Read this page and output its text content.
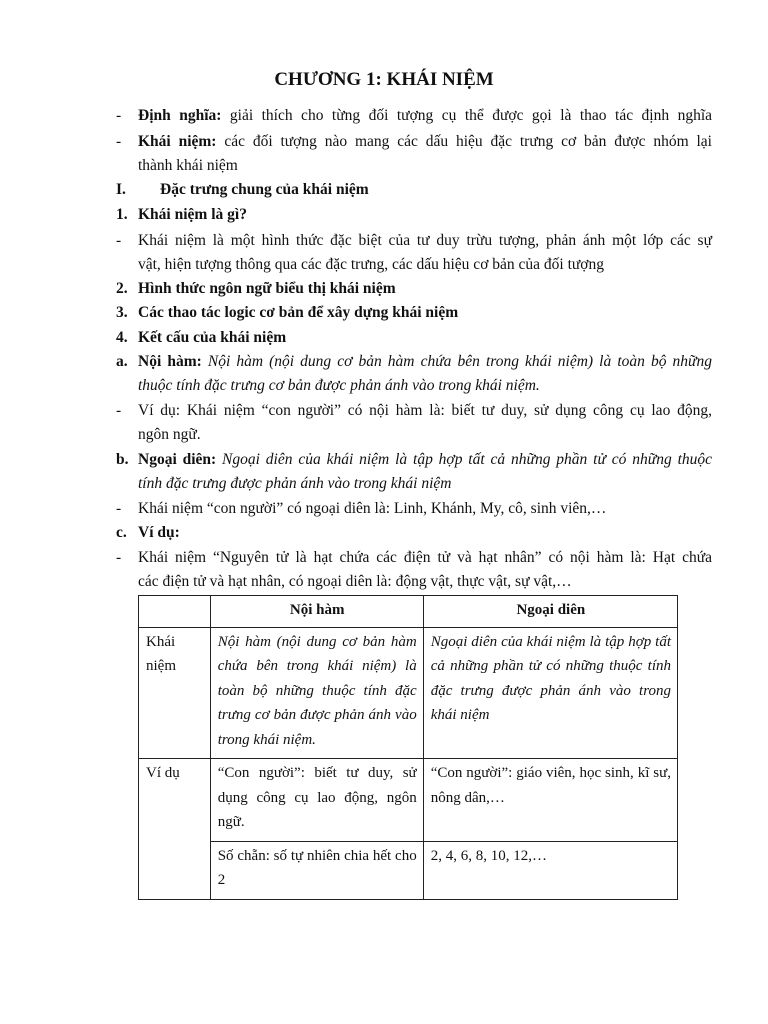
CHƯƠNG 1: KHÁI NIỆM
- Định nghĩa: giải thích cho từng đối tượng cụ thể được gọi là thao tác định nghĩa
- Khái niệm: các đối tượng nào mang các dấu hiệu đặc trưng cơ bản được nhóm lại
thành khái niệm
I. Đặc trưng chung của khái niệm
1. Khái niệm là gì?
- Khái niệm là một hình thức đặc biệt của tư duy trừu tượng, phản ánh một lớp các sự
vật, hiện tượng thông qua các đặc trưng, các dấu hiệu cơ bản của đối tượng
2. Hình thức ngôn ngữ biểu thị khái niệm
3. Các thao tác logic cơ bản để xây dựng khái niệm
4. Kết cấu của khái niệm
a. Nội hàm: Nội hàm (nội dung cơ bản hàm chứa bên trong khái niệm) là toàn bộ những
thuộc tính đặc trưng cơ bản được phản ánh vào trong khái niệm.
- Ví dụ: Khái niệm “con người” có nội hàm là: biết tư duy, sử dụng công cụ lao động,
ngôn ngữ.
b. Ngoại diên: Ngoại diên của khái niệm là tập hợp tất cả những phần tử có những thuộc
tính đặc trưng được phản ánh vào trong khái niệm
- Khái niệm “con người” có ngoại diên là: Linh, Khánh, My, cô, sinh viên,…
c. Ví dụ:
- Khái niệm “Nguyên tử là hạt chứa các điện tử và hạt nhân” có nội hàm là: Hạt chứa
các điện tử và hạt nhân, có ngoại diên là: động vật, thực vật, sự vật,…
	Nội hàm	Ngoại diên
Khái niệm	Nội hàm (nội dung cơ bản hàm chứa bên trong khái niệm) là toàn bộ những thuộc tính đặc trưng cơ bản được phản ánh vào trong khái niệm.	Ngoại diên của khái niệm là tập hợp tất cả những phần tử có những thuộc tính đặc trưng được phản ánh vào trong khái niệm
Ví dụ	“Con người”: biết tư duy, sử dụng công cụ lao động, ngôn ngữ.	“Con người”: giáo viên, học sinh, kĩ sư, nông dân,…
	Số chẵn: số tự nhiên chia hết cho 2	2, 4, 6, 8, 10, 12,…
